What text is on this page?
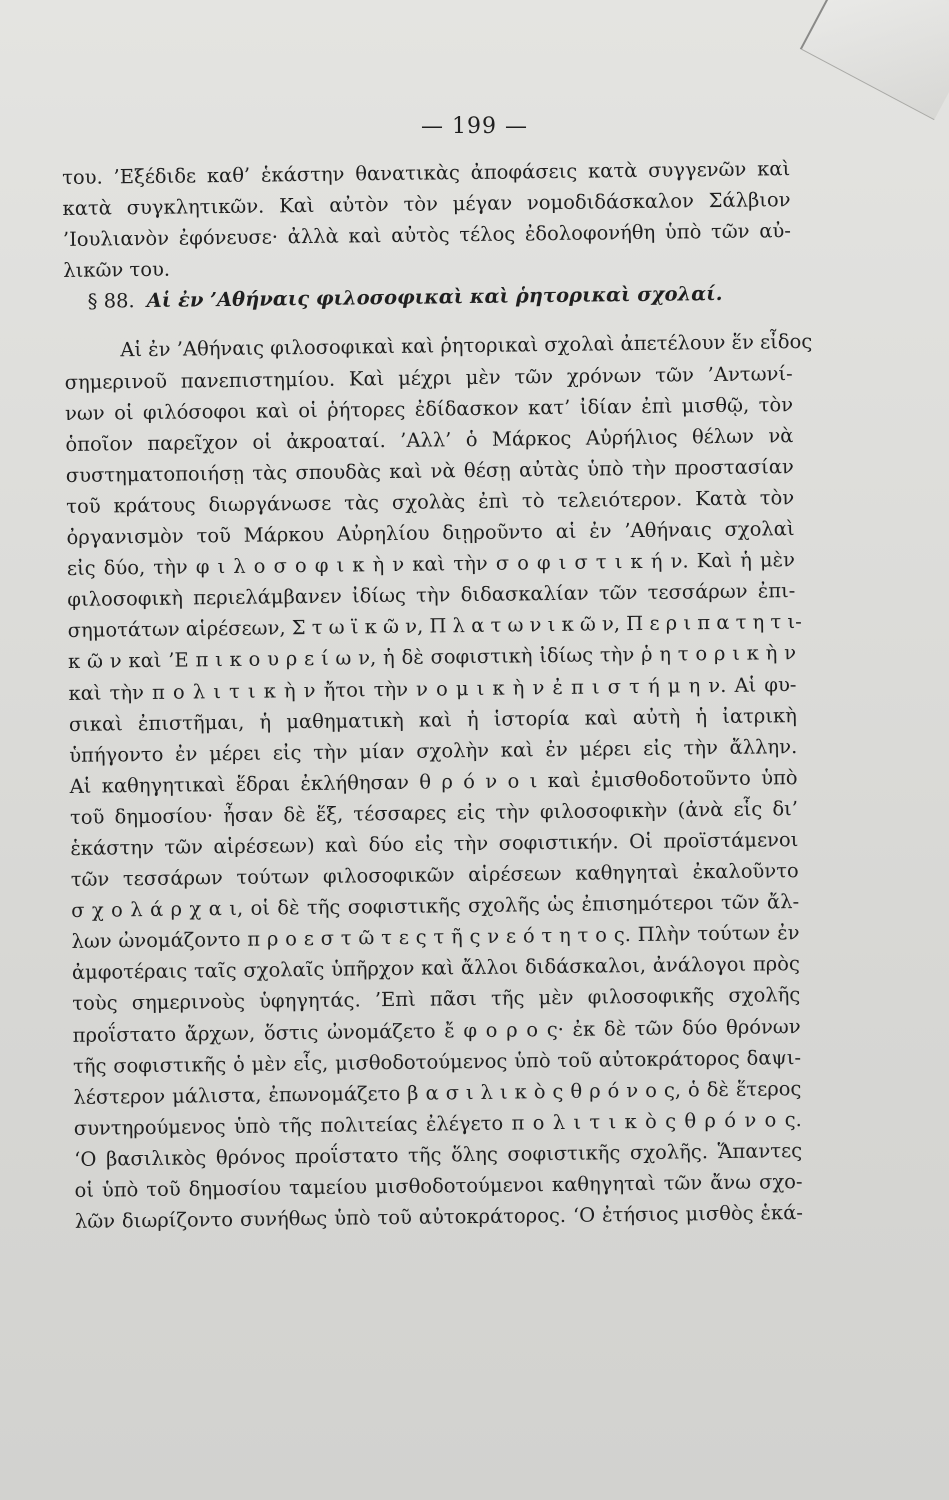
— 199 —
του. ’Εξέδιδε καθ’ ἑκάστην θανατικὰς ἀποφάσεις κατὰ συγγενῶν καὶ
κατὰ συγκλητικῶν. Καὶ αὐτὸν τὸν μέγαν νομοδιδάσκαλον Σάλβιον
’Ιουλιανὸν ἐφόνευσε· ἀλλὰ καὶ αὐτὸς τέλος ἐδολοφονήθη ὑπὸ τῶν αὐ-
λικῶν του.
§ 88. Αἱ ἐν ’Αθήναις φιλοσοφικαὶ καὶ ῥητορικαὶ σχολαί.
Αἱ ἐν ’Αθήναις φιλοσοφικαὶ καὶ ῥητορικαὶ σχολαὶ ἀπετέλουν ἕν εἶδος
σημερινοῦ πανεπιστημίου. Καὶ μέχρι μὲν τῶν χρόνων τῶν ’Αντωνί-
νων οἱ φιλόσοφοι καὶ οἱ ῥήτορες ἐδίδασκον κατ’ ἰδίαν ἐπὶ μισθῷ, τὸν
ὁποῖον παρεῖχον οἱ ἀκροαταί. ’Αλλ’ ὁ Μάρκος Αὐρήλιος θέλων νὰ
συστηματοποιήσῃ τὰς σπουδὰς καὶ νὰ θέσῃ αὐτὰς ὑπὸ τὴν προστασίαν
τοῦ κράτους διωργάνωσε τὰς σχολὰς ἐπὶ τὸ τελειότερον. Κατὰ τὸν
ὀργανισμὸν τοῦ Μάρκου Αὐρηλίου διῃροῦντο αἱ ἐν ’Αθήναις σχολαὶ
εἰς δύο, τὴν φ ι λ ο σ ο φ ι κ ὴ ν καὶ τὴν σ ο φ ι σ τ ι κ ή ν. Καὶ ἡ μὲν
φιλοσοφικὴ περιελάμβανεν ἰδίως τὴν διδασκαλίαν τῶν τεσσάρων ἐπι-
σημοτάτων αἱρέσεων, Σ τ ω ϊ κ ῶ ν, Π λ α τ ω ν ι κ ῶ ν, Π ε ρ ι π α τ η τ ι-
κ ῶ ν καὶ ’Ε π ι κ ο υ ρ ε ί ω ν, ἡ δὲ σοφιστικὴ ἰδίως τὴν ῥ η τ ο ρ ι κ ὴ ν
καὶ τὴν π ο λ ι τ ι κ ὴ ν ἤτοι τὴν ν ο μ ι κ ὴ ν ἐ π ι σ τ ή μ η ν. Αἱ φυ-
σικαὶ ἐπιστῆμαι, ἡ μαθηματικὴ καὶ ἡ ἱστορία καὶ αὐτὴ ἡ ἰατρικὴ
ὑπήγοντο ἐν μέρει εἰς τὴν μίαν σχολὴν καὶ ἐν μέρει εἰς τὴν ἄλλην.
Αἱ καθηγητικαὶ ἕδραι ἐκλήθησαν θ ρ ό ν ο ι καὶ ἐμισθοδοτοῦντο ὑπὸ
τοῦ δημοσίου· ἦσαν δὲ ἕξ, τέσσαρες εἰς τὴν φιλοσοφικὴν (ἀνὰ εἷς δι’
ἑκάστην τῶν αἱρέσεων) καὶ δύο εἰς τὴν σοφιστικήν. Οἱ προϊστάμενοι
τῶν τεσσάρων τούτων φιλοσοφικῶν αἱρέσεων καθηγηταὶ ἐκαλοῦντο
σ χ ο λ ά ρ χ α ι, οἱ δὲ τῆς σοφιστικῆς σχολῆς ὡς ἐπισημότεροι τῶν ἄλ-
λων ὠνομάζοντο π ρ ο ε σ τ ῶ τ ε ς τ ῆ ς ν ε ό τ η τ ο ς. Πλὴν τούτων ἐν
ἀμφοτέραις ταῖς σχολαῖς ὑπῆρχον καὶ ἄλλοι διδάσκαλοι, ἀνάλογοι πρὸς
τοὺς σημερινοὺς ὑφηγητάς. ’Επὶ πᾶσι τῆς μὲν φιλοσοφικῆς σχολῆς
προΐστατο ἄρχων, ὅστις ὠνομάζετο ἔ φ ο ρ ο ς· ἐκ δὲ τῶν δύο θρόνων
τῆς σοφιστικῆς ὁ μὲν εἷς, μισθοδοτούμενος ὑπὸ τοῦ αὐτοκράτορος δαψι-
λέστερον μάλιστα, ἐπωνομάζετο β α σ ι λ ι κ ὸ ς θ ρ ό ν ο ς, ὁ δὲ ἕτερος
συντηρούμενος ὑπὸ τῆς πολιτείας ἐλέγετο π ο λ ι τ ι κ ὸ ς θ ρ ό ν ο ς.
‘Ο βασιλικὸς θρόνος προΐστατο τῆς ὅλης σοφιστικῆς σχολῆς. Ἅπαντες
οἱ ὑπὸ τοῦ δημοσίου ταμείου μισθοδοτούμενοι καθηγηταὶ τῶν ἄνω σχο-
λῶν διωρίζοντο συνήθως ὑπὸ τοῦ αὐτοκράτορος. ‘Ο ἐτήσιος μισθὸς ἑκά-
